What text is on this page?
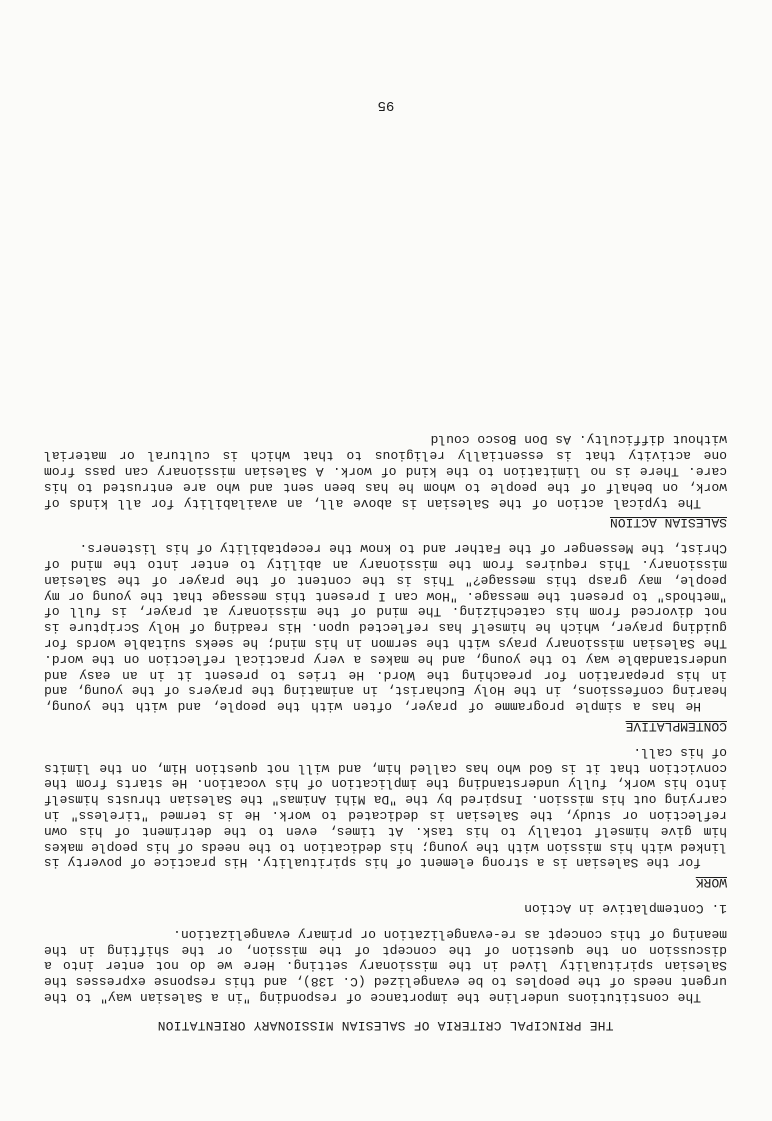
THE PRINCIPAL CRITERIA OF SALESIAN MISSIONARY ORIENTATION

The constitutions underline the importance of responding "in a Salesian way" to the urgent needs of the peoples to be evangelized (C. 138), and this response expresses the Salesian spirituality lived in the missionary setting. Here we do not enter into a discussion on the question of the concept of the mission, or the shifting in the meaning of this concept as re-evangelization or primary evangelization.

1. Contemplative in Action
WORK

for the Salesian is a strong element of his spirituality. His practice of poverty is linked with his mission with the young; his dedication to the needs of his people makes him give himself totally to his task. At times, even to the detriment of his own reflection or study, the Salesian is dedicated to work. He is termed "tireless" in carrying out his mission. Inspired by the "Da Mihi Animas" the Salesian thrusts himself into his work, fully understanding the implication of his vocation. He starts from the conviction that it is God who has called him, and will not question Him, on the limits of his call.

CONTEMPLATIVE

He has a simple programme of prayer, often with the people, and with the young, hearing confessions, in the Holy Eucharist, in animating the prayers of the young, and in his preparation for preaching the Word. He tries to present it in an easy and understandable way to the young, and he makes a very practical reflection on the word. The Salesian missionary prays with the sermon in his mind; he seeks suitable words for guiding prayer, which he himself has reflected upon. His reading of Holy Scripture is not divorced from his catechizing. The mind of the missionary at prayer, is full of "methods" to present the message. "How can I present this message that the young or my people, may grasp this message?" This is the content of the prayer of the Salesian missionary. This requires from the missionary an ability to enter into the mind of Christ, the Messenger of the Father and to know the receptability of his listeners.

SALESIAN ACTION

The typical action of the Salesian is above all, an availability for all kinds of work, on behalf of the people to whom he has been sent and who are entrusted to his care. There is no limitation to the kind of work. A Salesian missionary can pass from one activity that is essentially religious to that which is cultural or material without difficulty. As Don Bosco could

95
